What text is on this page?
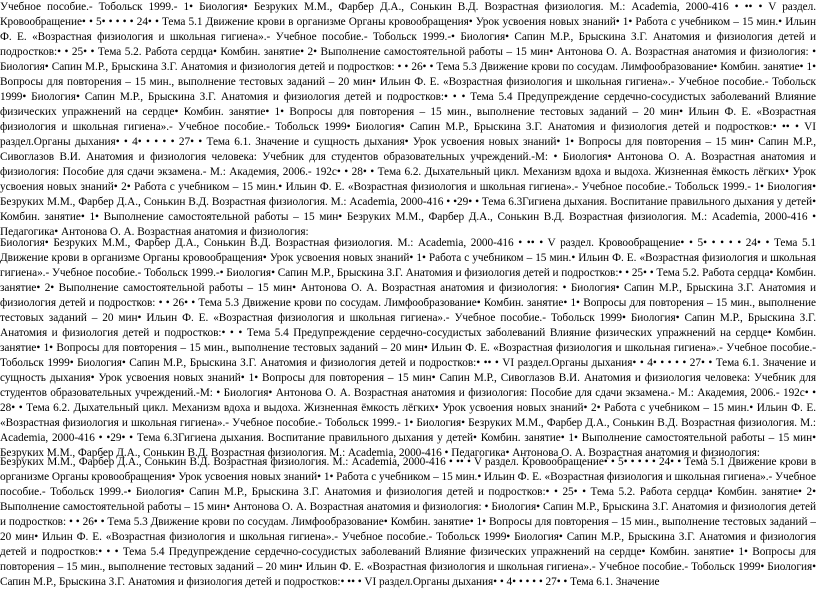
Учебное пособие.- Тобольск 1999.- 1• Биология• Безруких М.М., Фарбер Д.А., Сонькин В.Д. Возрастная физиология. М.: Academia, 2000-416 • •• • V раздел. Кровообращение• • 5• • • • • 24• • Тема 5.1 Движение крови в организме Органы кровообращения• Урок усвоения новых знаний• 1• Работа с учебником – 15 мин.• Ильин Ф. Е. «Возрастная физиология и школьная гигиена».- Учебное пособие.- Тобольск 1999.-• Биология• Сапин М.Р., Брыскина З.Г. Анатомия и физиология детей и подростков:• • 25• • Тема 5.2. Работа сердца• Комбин. занятие• 2• Выполнение самостоятельной работы – 15 мин• Антонова О. А. Возрастная анатомия и физиология: • Биология• Сапин М.Р., Брыскина З.Г. Анатомия и физиология детей и подростков: • • 26• • Тема 5.3 Движение крови по сосудам. Лимфообразование• Комбин. занятие• 1• Вопросы для повторения – 15 мин., выполнение тестовых заданий – 20 мин• Ильин Ф. Е. «Возрастная физиология и школьная гигиена».- Учебное пособие.- Тобольск 1999• Биология• Сапин М.Р., Брыскина З.Г. Анатомия и физиология детей и подростков:• • • Тема 5.4 Предупреждение сердечно-сосудистых заболеваний Влияние физических упражнений на сердце• Комбин. занятие• 1• Вопросы для повторения – 15 мин., выполнение тестовых заданий – 20 мин• Ильин Ф. Е. «Возрастная физиология и школьная гигиена».- Учебное пособие.- Тобольск 1999• Биология• Сапин М.Р., Брыскина З.Г. Анатомия и физиология детей и подростков:• •• • VI раздел.Органы дыхания• • 4• • • • • 27• • Тема 6.1. Значение и сущность дыхания• Урок усвоения новых знаний• 1• Вопросы для повторения – 15 мин• Сапин М.Р., Сивоглазов В.И. Анатомия и физиология человека: Учебник для студентов образовательных учреждений.-М: • Биология• Антонова О. А. Возрастная анатомия и физиология: Пособие для сдачи экзамена.- М.: Академия, 2006.- 192с• • 28• • Тема 6.2. Дыхательный цикл. Механизм вдоха и выдоха. Жизненная ёмкость лёгких• Урок усвоения новых знаний• 2• Работа с учебником – 15 мин.• Ильин Ф. Е. «Возрастная физиология и школьная гигиена».- Учебное пособие.- Тобольск 1999.- 1• Биология• Безруких М.М., Фарбер Д.А., Сонькин В.Д. Возрастная физиология. М.: Academia, 2000-416 • •29• • Тема 6.3Гигиена дыхания. Воспитание правильного дыхания у детей• Комбин. занятие• 1• Выполнение самостоятельной работы – 15 мин• Безруких М.М., Фарбер Д.А., Сонькин В.Д. Возрастная физиология. М.: Academia, 2000-416 • Педагогика• Антонова О. А. Возрастная анатомия и физиология:

Биология• Безруких М.М., Фарбер Д.А., Сонькин В.Д. Возрастная физиология. М.: Academia, 2000-416 • •• • V раздел. Кровообращение• • 5• • • • • 24• • Тема 5.1 Движение крови в организме Органы кровообращения• Урок усвоения новых знаний• 1• Работа с учебником – 15 мин.• Ильин Ф. Е. «Возрастная физиология и школьная гигиена».- Учебное пособие.- Тобольск 1999.-• Биология• Сапин М.Р., Брыскина З.Г. Анатомия и физиология детей и подростков:• • 25• • Тема 5.2. Работа сердца• Комбин. занятие• 2• Выполнение самостоятельной работы – 15 мин• Антонова О. А. Возрастная анатомия и физиология: • Биология• Сапин М.Р., Брыскина З.Г. Анатомия и физиология детей и подростков: • • 26• • Тема 5.3 Движение крови по сосудам. Лимфообразование• Комбин. занятие• 1• Вопросы для повторения – 15 мин., выполнение тестовых заданий – 20 мин• Ильин Ф. Е. «Возрастная физиология и школьная гигиена».- Учебное пособие.- Тобольск 1999• Биология• Сапин М.Р., Брыскина З.Г. Анатомия и физиология детей и подростков:• • • Тема 5.4 Предупреждение сердечно-сосудистых заболеваний Влияние физических упражнений на сердце• Комбин. занятие• 1• Вопросы для повторения – 15 мин., выполнение тестовых заданий – 20 мин• Ильин Ф. Е. «Возрастная физиология и школьная гигиена».- Учебное пособие.- Тобольск 1999• Биология• Сапин М.Р., Брыскина З.Г. Анатомия и физиология детей и подростков:• •• • VI раздел.Органы дыхания• • 4• • • • • 27• • Тема 6.1. Значение и сущность дыхания• Урок усвоения новых знаний• 1• Вопросы для повторения – 15 мин• Сапин М.Р., Сивоглазов В.И. Анатомия и физиология человека: Учебник для студентов образовательных учреждений.-М: • Биология• Антонова О. А. Возрастная анатомия и физиология: Пособие для сдачи экзамена.- М.: Академия, 2006.- 192с• • 28• • Тема 6.2. Дыхательный цикл. Механизм вдоха и выдоха. Жизненная ёмкость лёгких• Урок усвоения новых знаний• 2• Работа с учебником – 15 мин.• Ильин Ф. Е. «Возрастная физиология и школьная гигиена».- Учебное пособие.- Тобольск 1999.- 1• Биология• Безруких М.М., Фарбер Д.А., Сонькин В.Д. Возрастная физиология. М.: Academia, 2000-416 • •29• • Тема 6.3Гигиена дыхания. Воспитание правильного дыхания у детей• Комбин. занятие• 1• Выполнение самостоятельной работы – 15 мин• Безруких М.М., Фарбер Д.А., Сонькин В.Д. Возрастная физиология. М.: Academia, 2000-416 • Педагогика• Антонова О. А. Возрастная анатомия и физиология:

Безруких М.М., Фарбер Д.А., Сонькин В.Д. Возрастная физиология. М.: Academia, 2000-416 • •• • V раздел. Кровообращение• • 5• • • • • 24• • Тема 5.1 Движение крови в организме Органы кровообращения• Урок усвоения новых знаний• 1• Работа с учебником – 15 мин.• Ильин Ф. Е. «Возрастная физиология и школьная гигиена».- Учебное пособие.- Тобольск 1999.-• Биология• Сапин М.Р., Брыскина З.Г. Анатомия и физиология детей и подростков:• • 25• • Тема 5.2. Работа сердца• Комбин. занятие• 2• Выполнение самостоятельной работы – 15 мин• Антонова О. А. Возрастная анатомия и физиология: • Биология• Сапин М.Р., Брыскина З.Г. Анатомия и физиология детей и подростков: • • 26• • Тема 5.3 Движение крови по сосудам. Лимфообразование• Комбин. занятие• 1• Вопросы для повторения – 15 мин., выполнение тестовых заданий – 20 мин• Ильин Ф. Е. «Возрастная физиология и школьная гигиена».- Учебное пособие.- Тобольск 1999• Биология• Сапин М.Р., Брыскина З.Г. Анатомия и физиология детей и подростков:• • • Тема 5.4 Предупреждение сердечно-сосудистых заболеваний Влияние физических упражнений на сердце• Комбин. занятие• 1• Вопросы для повторения – 15 мин., выполнение тестовых заданий – 20 мин• Ильин Ф. Е. «Возрастная физиология и школьная гигиена».- Учебное пособие.- Тобольск 1999• Биология• Сапин М.Р., Брыскина З.Г. Анатомия и физиология детей и подростков:• •• • VI раздел.Органы дыхания• • 4• • • • • 27• • Тема 6.1. Значение
